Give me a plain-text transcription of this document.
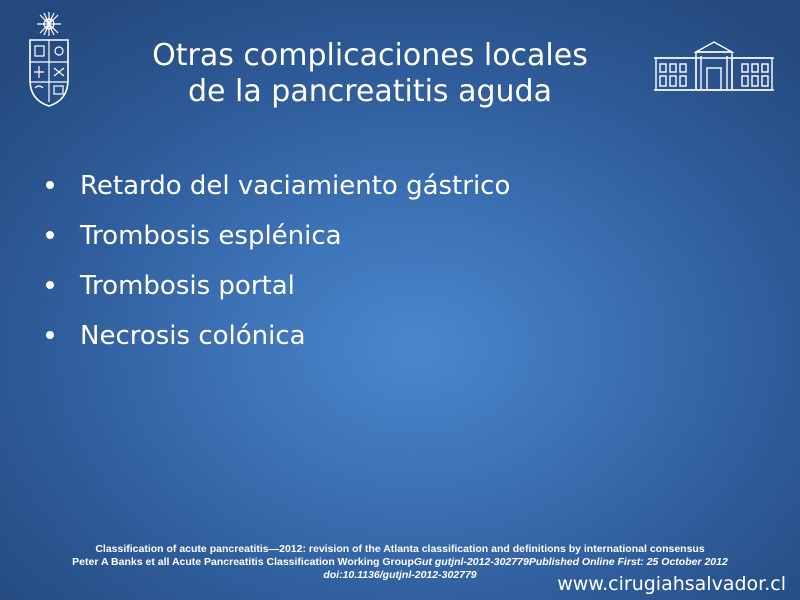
Otras complicaciones locales
de la pancreatitis aguda
Retardo del vaciamiento gástrico
Trombosis esplénica
Trombosis portal
Necrosis colónica
Classification of acute pancreatitis—2012: revision of the Atlanta classification and definitions by international consensus
Peter A Banks et all Acute Pancreatitis Classification Working GroupGut gutjnl-2012-302779Published Online First: 25 October 2012
doi:10.1136/gutjnl-2012-302779	www.cirugiahsalvador.cl
